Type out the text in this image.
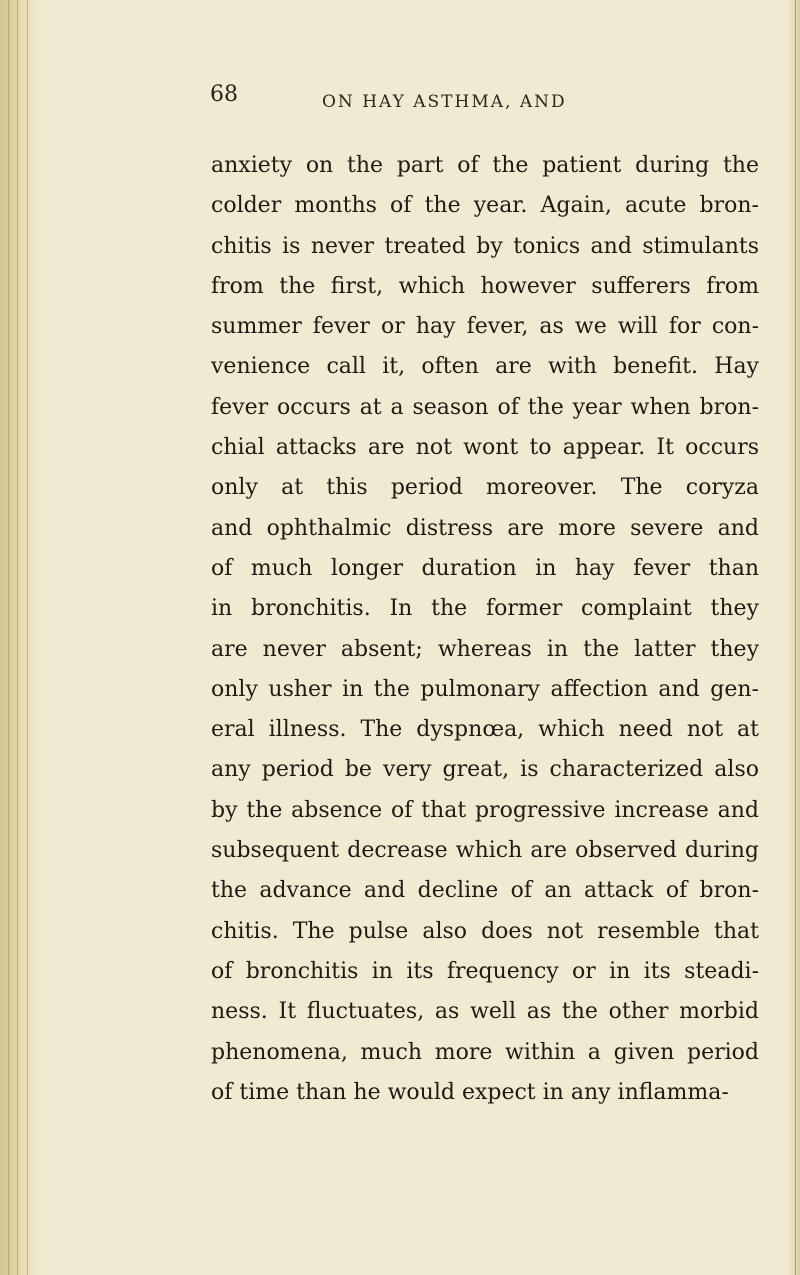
68	ON HAY ASTHMA, AND
anxiety on the part of the patient during the
colder months of the year. Again, acute bron-
chitis is never treated by tonics and stimulants
from the first, which however sufferers from
summer fever or hay fever, as we will for con-
venience call it, often are with benefit. Hay
fever occurs at a season of the year when bron-
chial attacks are not wont to appear. It occurs
only at this period moreover. The coryza
and ophthalmic distress are more severe and
of much longer duration in hay fever than
in bronchitis. In the former complaint they
are never absent; whereas in the latter they
only usher in the pulmonary affection and gen-
eral illness. The dyspnœa, which need not at
any period be very great, is characterized also
by the absence of that progressive increase and
subsequent decrease which are observed during
the advance and decline of an attack of bron-
chitis. The pulse also does not resemble that
of bronchitis in its frequency or in its steadi-
ness. It fluctuates, as well as the other morbid
phenomena, much more within a given period
of time than he would expect in any inflamma-
